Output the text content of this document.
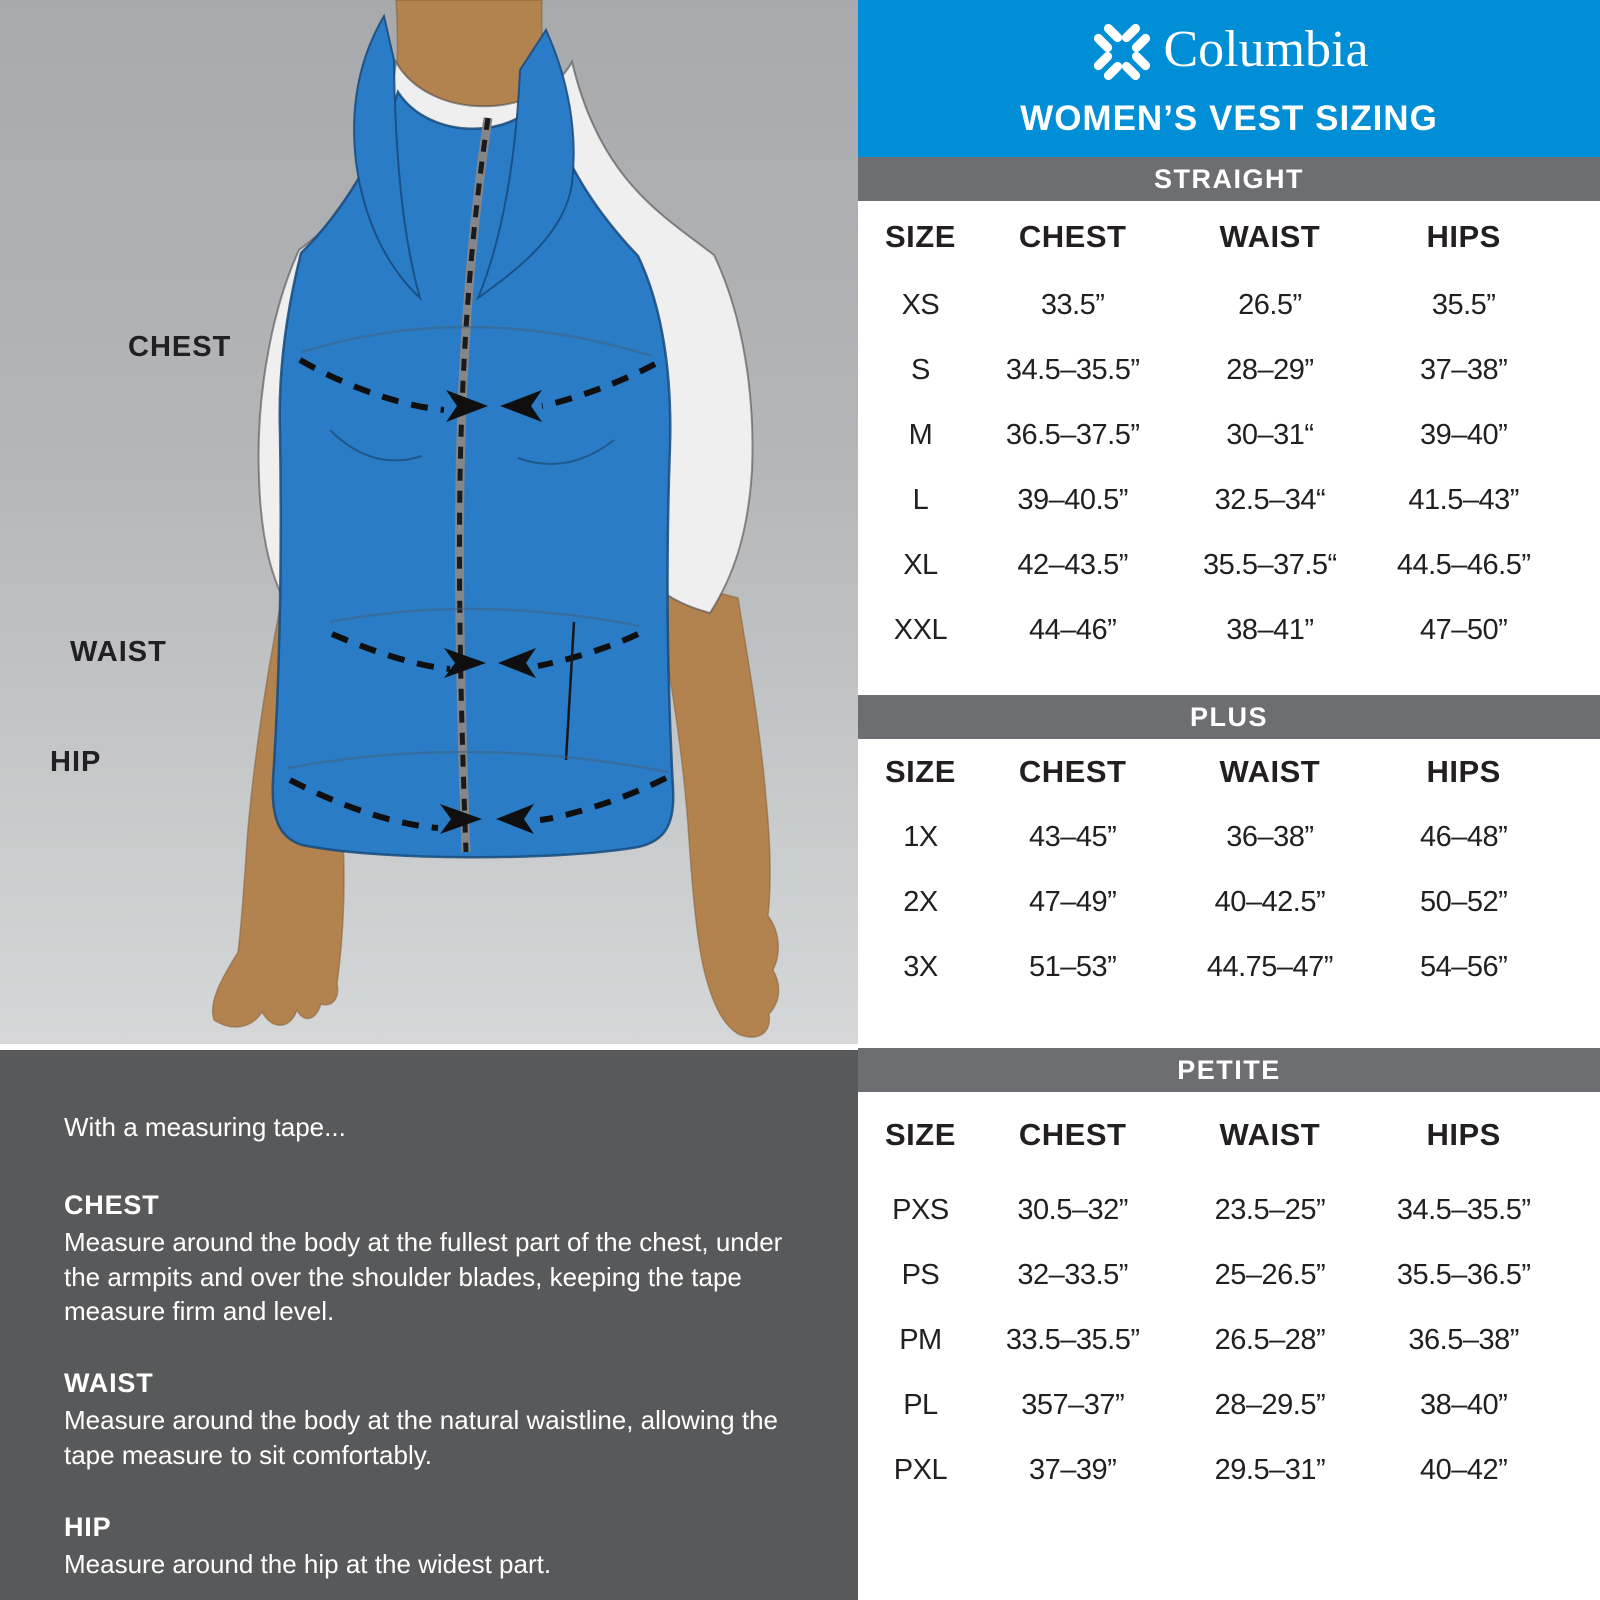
CHEST
WAIST
HIP

With a measuring tape...

CHEST

Measure around the body at the fullest part of the chest, under the armpits and over the shoulder blades, keeping the tape measure firm and level.

WAIST

Measure around the body at the natural waistline, allowing the tape measure to sit comfortably.

HIP

Measure around the hip at the widest part.

Columbia
WOMEN’S VEST SIZING
STRAIGHT
SIZE	CHEST	WAIST	HIPS
XS	33.5”	26.5”	35.5”
S	34.5–35.5”	28–29”	37–38”
M	36.5–37.5”	30–31“	39–40”
L	39–40.5”	32.5–34“	41.5–43”
XL	42–43.5”	35.5–37.5“	44.5–46.5”
XXL	44–46”	38–41”	47–50”
PLUS
SIZE	CHEST	WAIST	HIPS
1X	43–45”	36–38”	46–48”
2X	47–49”	40–42.5”	50–52”
3X	51–53”	44.75–47”	54–56”
PETITE
SIZE	CHEST	WAIST	HIPS
PXS	30.5–32”	23.5–25”	34.5–35.5”
PS	32–33.5”	25–26.5”	35.5–36.5”
PM	33.5–35.5”	26.5–28”	36.5–38”
PL	357–37”	28–29.5”	38–40”
PXL	37–39”	29.5–31”	40–42”
